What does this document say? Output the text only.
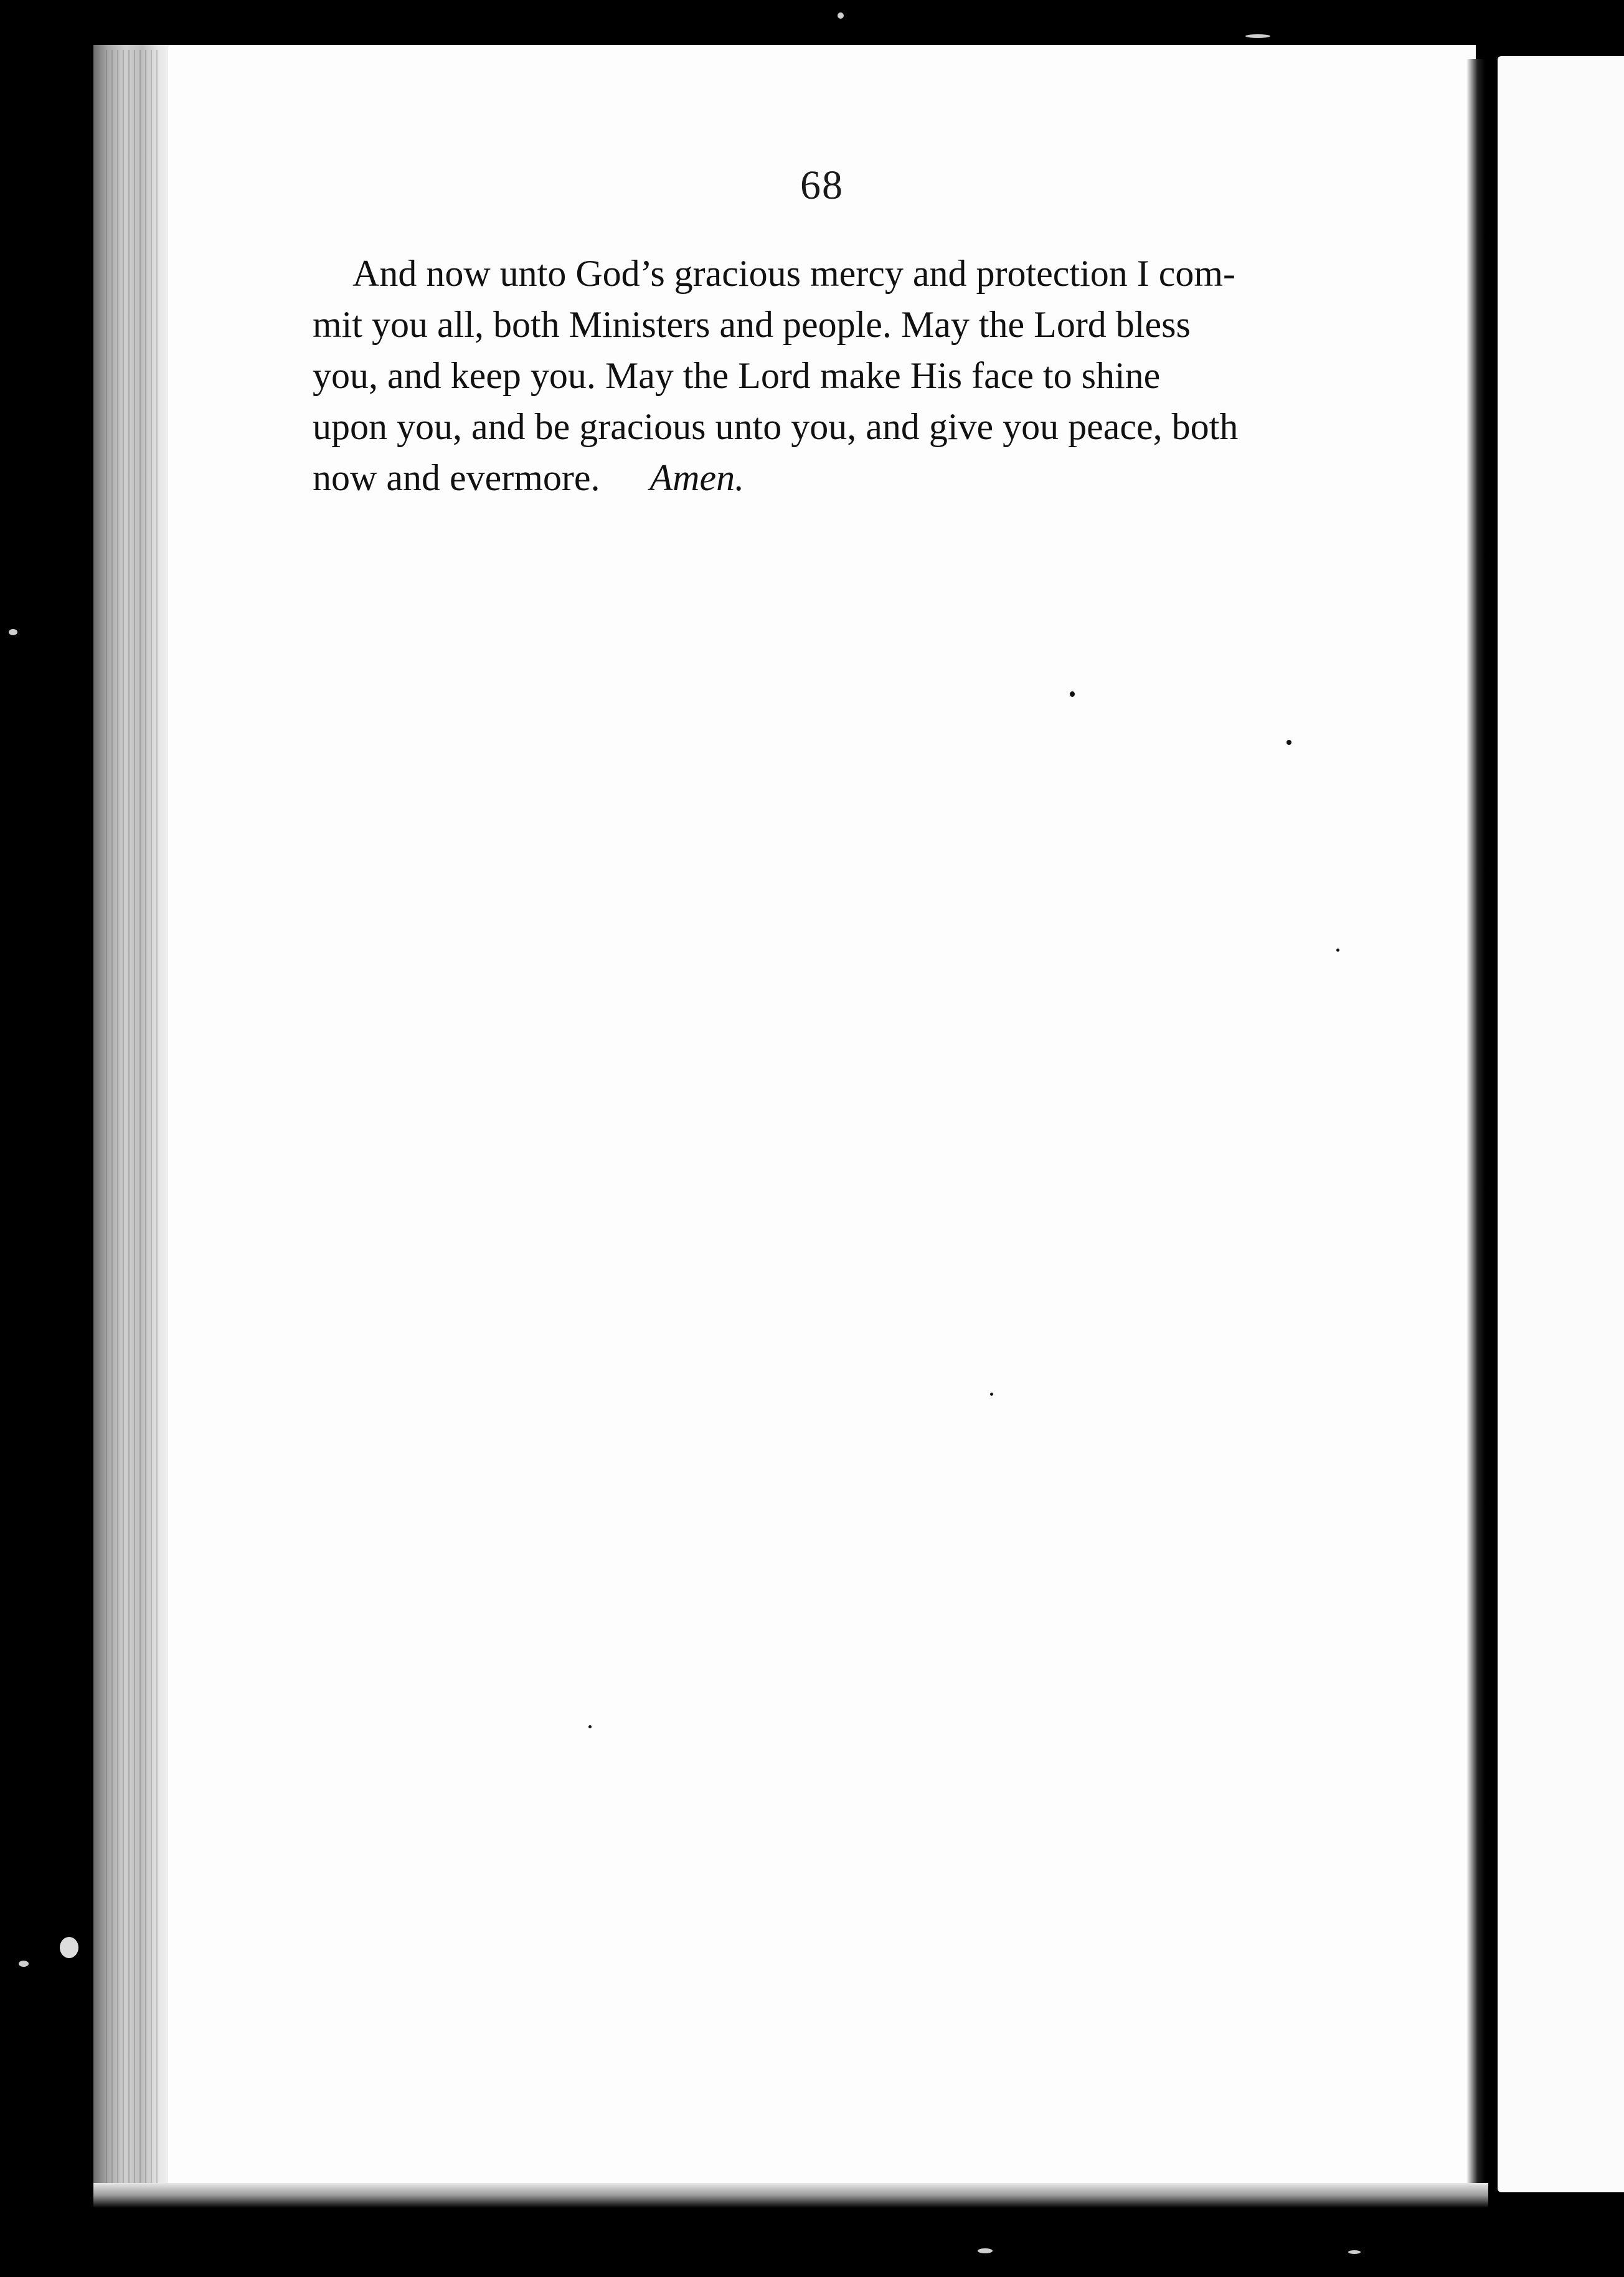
68
And now unto God’s gracious mercy and protection I com-
mit you all, both Ministers and people. May the Lord bless
you, and keep you. May the Lord make His face to shine
upon you, and be gracious unto you, and give you peace, both
now and evermore. Amen.
